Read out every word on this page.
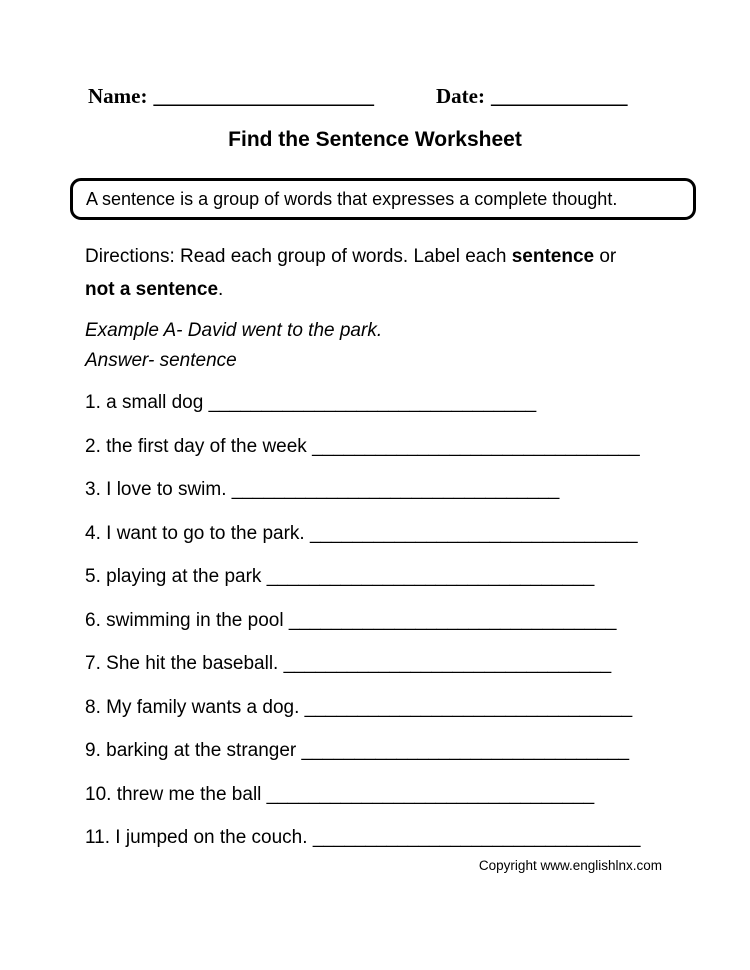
Name: _____________________	Date: _____________
Find the Sentence Worksheet
A sentence is a group of words that expresses a complete thought.
Directions: Read each group of words. Label each sentence or
not a sentence.
Example A- David went to the park.
Answer- sentence
1. a small dog _______________________________
2. the first day of the week _______________________________
3. I love to swim. _______________________________
4. I want to go to the park. _______________________________
5. playing at the park _______________________________
6. swimming in the pool _______________________________
7. She hit the baseball. _______________________________
8. My family wants a dog. _______________________________
9. barking at the stranger _______________________________
10. threw me the ball _______________________________
11. I jumped on the couch. _______________________________
Copyright www.englishlnx.com
